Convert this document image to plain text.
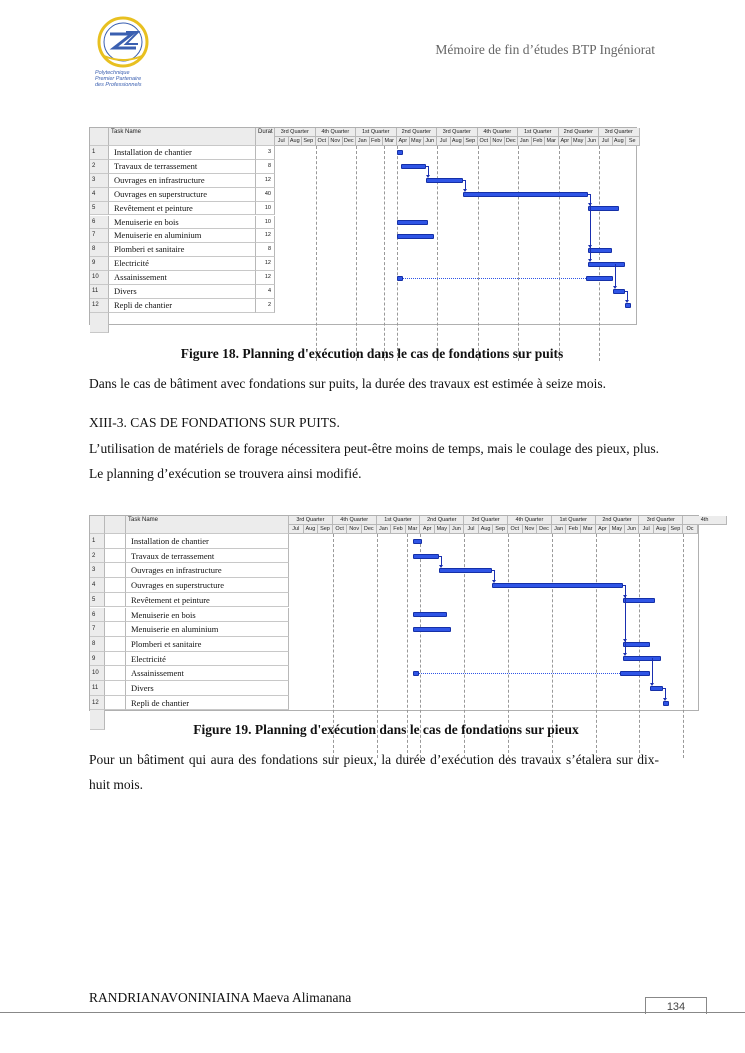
Polytechnique
Premier Partenaire
des Professionnels
Mémoire de fin d’études BTP Ingéniorat
Task Name	Durat
1	Installation de chantier	3
2	Travaux de terrassement	8
3	Ouvrages en infrastructure	12
4	Ouvrages en superstructure	40
5	Revêtement et peinture	10
6	Menuiserie en bois	10
7	Menuiserie en aluminium	12
8	Plomberi et sanitaire	8
9	Electricité	12
10	Assainissement	12
11	Divers	4
12	Repli de chantier	2
3rd Quarter	4th Quarter	1st Quarter	2nd Quarter	3rd Quarter	4th Quarter	1st Quarter	2nd Quarter	3rd Quarter
Jul Aug Sep Oct Nov Dec Jan Feb Mar Apr May Jun	Jul Aug Sep Oct Nov Dec Jan Feb Mar Apr May Jun	Jul Aug Se
Figure 18. Planning d'exécution dans le cas de fondations sur puits
Dans le cas de bâtiment avec fondations sur puits, la durée des travaux est estimée à seize mois.
XIII-3. CAS DE FONDATIONS SUR PUITS.
L’utilisation de matériels de forage nécessitera peut-être moins de temps, mais le coulage des pieux, plus. Le planning d’exécution se trouvera ainsi modifié.
Task Name
1	Installation de chantier
2	Travaux de terrassement
3	Ouvrages en infrastructure
4	Ouvrages en superstructure
5	Revêtement et peinture
6	Menuiserie en bois
7	Menuiserie en aluminium
8	Plomberi et sanitaire
9	Electricité
10	Assainissement
11	Divers
12	Repli de chantier
3rd Quarter	4th Quarter	1st Quarter	2nd Quarter	3rd Quarter	4th Quarter	1st Quarter	2nd Quarter	3rd Quarter	4th
Jul	Aug Sep Oct Nov Dec Jan Feb Mar	Apr May Jun	Jul	Aug Sep Oct Nov Dec Jan Feb Mar	Apr May Jun	Jul	Aug Sep	Oc
Figure 19. Planning d'exécution dans le cas de fondations sur pieux
Pour un bâtiment qui aura des fondations sur pieux, la durée d’exécution des travaux s’étalera sur dix-huit mois.
RANDRIANAVONINIAINA Maeva Alimanana
134
